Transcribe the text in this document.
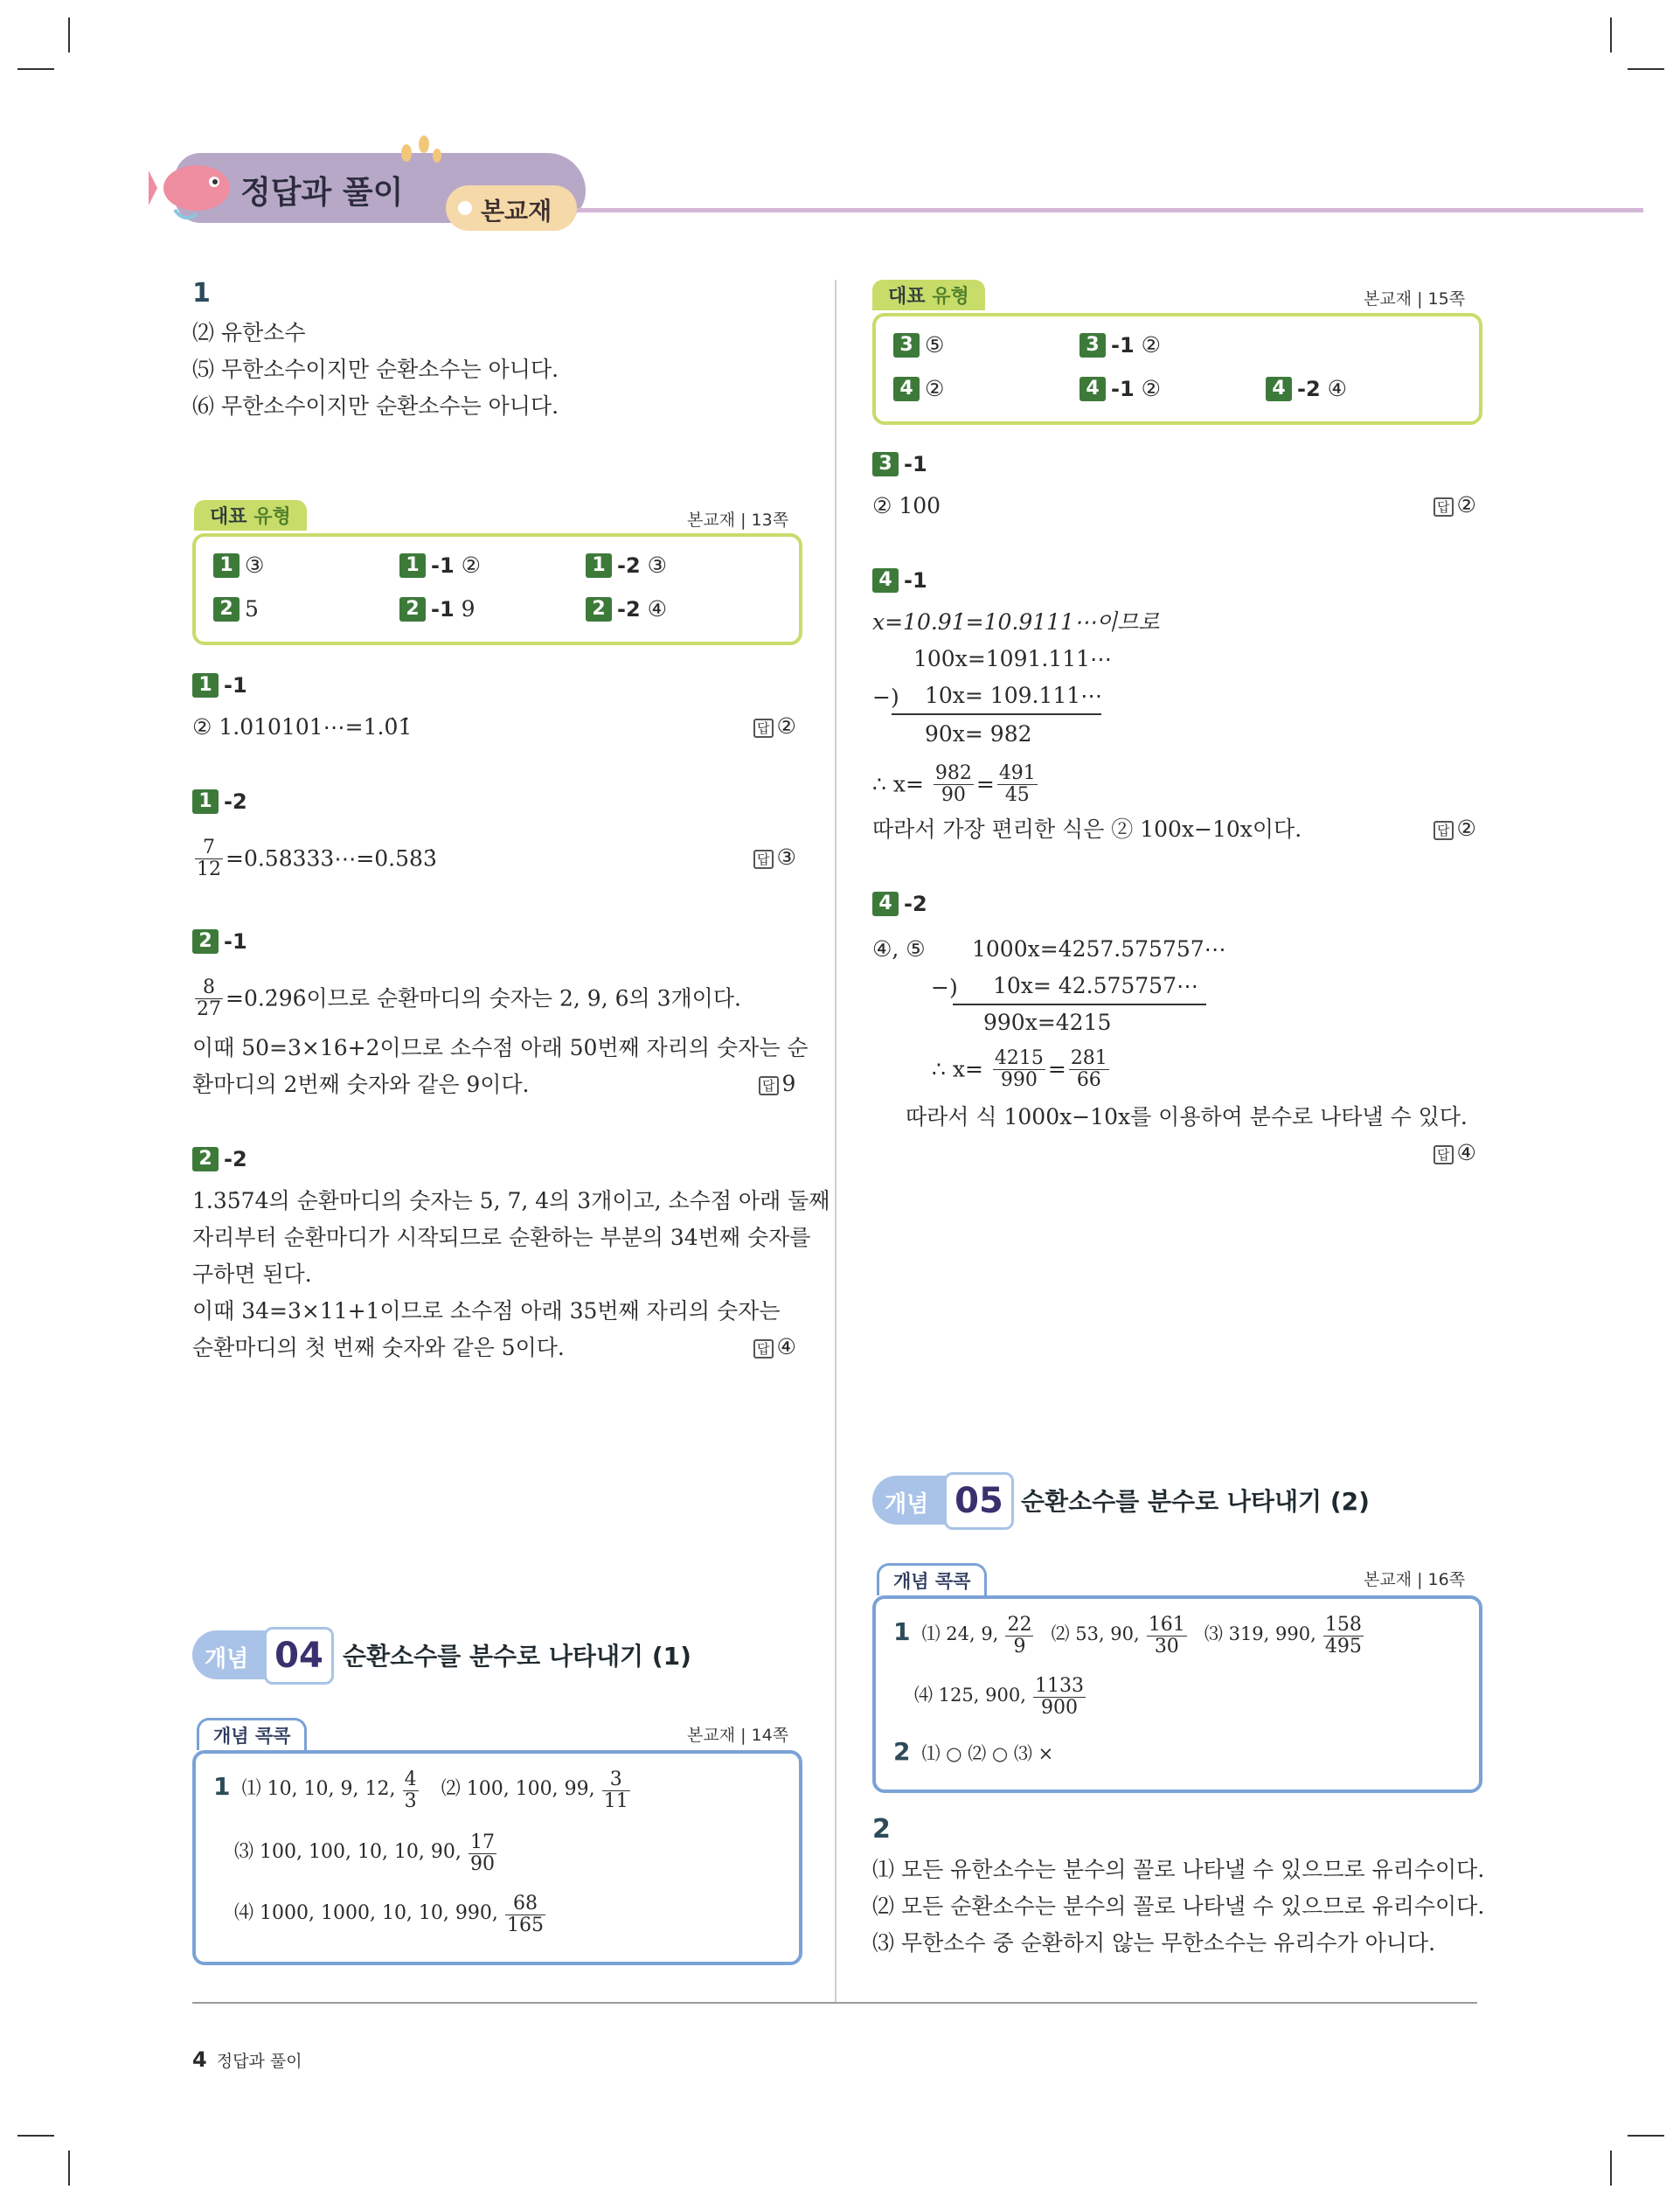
정답과 풀이
본교재
1
⑵ 유한소수
⑸ 무한소수이지만 순환소수는 아니다.
⑹ 무한소수이지만 순환소수는 아니다.
대표 유형	본교재 | 13쪽
1 ③	1 -1 ②	1 -2 ③
2 5	2 -1 9	2 -2 ④
1 -1
② 1.010101⋯=1.0̇1̇	답 ②
1 -2
$\frac{7}{12}$ =0.58333⋯=0.583̇	답 ③
2 -1
$\frac{8}{27}$ =0.2̇96̇이므로 순환마디의 숫자는 2, 9, 6의 3개이다.
이때 50=3×16+2이므로 소수점 아래 50번째 자리의 숫자는 순
환마디의 2번째 숫자와 같은 9이다.	답 9
2 -2
1.35̇74̇의 순환마디의 숫자는 5, 7, 4의 3개이고, 소수점 아래 둘째
자리부터 순환마디가 시작되므로 순환하는 부분의 34번째 숫자를
구하면 된다.
이때 34=3×11+1이므로 소수점 아래 35번째 자리의 숫자는
순환마디의 첫 번째 숫자와 같은 5이다.	답 ④
개념 04 순환소수를 분수로 나타내기 (1)
개념 콕콕	본교재 | 14쪽
1 ⑴ 10, 10, 9, 12, $\frac{4}{3}$ ⑵ 100, 100, 99, $\frac{3}{11}$
⑶ 100, 100, 10, 10, 90, $\frac{17}{90}$
⑷ 1000, 1000, 10, 10, 990, $\frac{68}{165}$
대표 유형	본교재 | 15쪽
3 ⑤	3 -1 ②
4 ②	4 -1 ②	4 -2 ④
3 -1
② 100	답 ②
4 -1
x=10.91̇=10.9111⋯이므로
100x=1091.111⋯
−) 10x= 109.111⋯
90x= 982
∴ $x= \frac{982}{90} = \frac{491}{45}$
따라서 가장 편리한 식은 ② 100x−10x이다.	답 ②
4 -2
④, ⑤ 1000x=4257.575757⋯
−) 10x= 42.575757⋯
990x=4215
∴ $x= \frac{4215}{990} = \frac{281}{66}$
따라서 식 1000x−10x를 이용하여 분수로 나타낼 수 있다.
답 ④
개념 05 순환소수를 분수로 나타내기 (2)
개념 콕콕	본교재 | 16쪽
1 ⑴ 24, 9, $\frac{22}{9}$ ⑵ 53, 90, $\frac{161}{30}$ ⑶ 319, 990, $\frac{158}{495}$
⑷ 125, 900, $\frac{1133}{900}$
2 ⑴ ○ ⑵ ○ ⑶ ×
2
⑴ 모든 유한소수는 분수의 꼴로 나타낼 수 있으므로 유리수이다.
⑵ 모든 순환소수는 분수의 꼴로 나타낼 수 있으므로 유리수이다.
⑶ 무한소수 중 순환하지 않는 무한소수는 유리수가 아니다.
4 정답과 풀이
